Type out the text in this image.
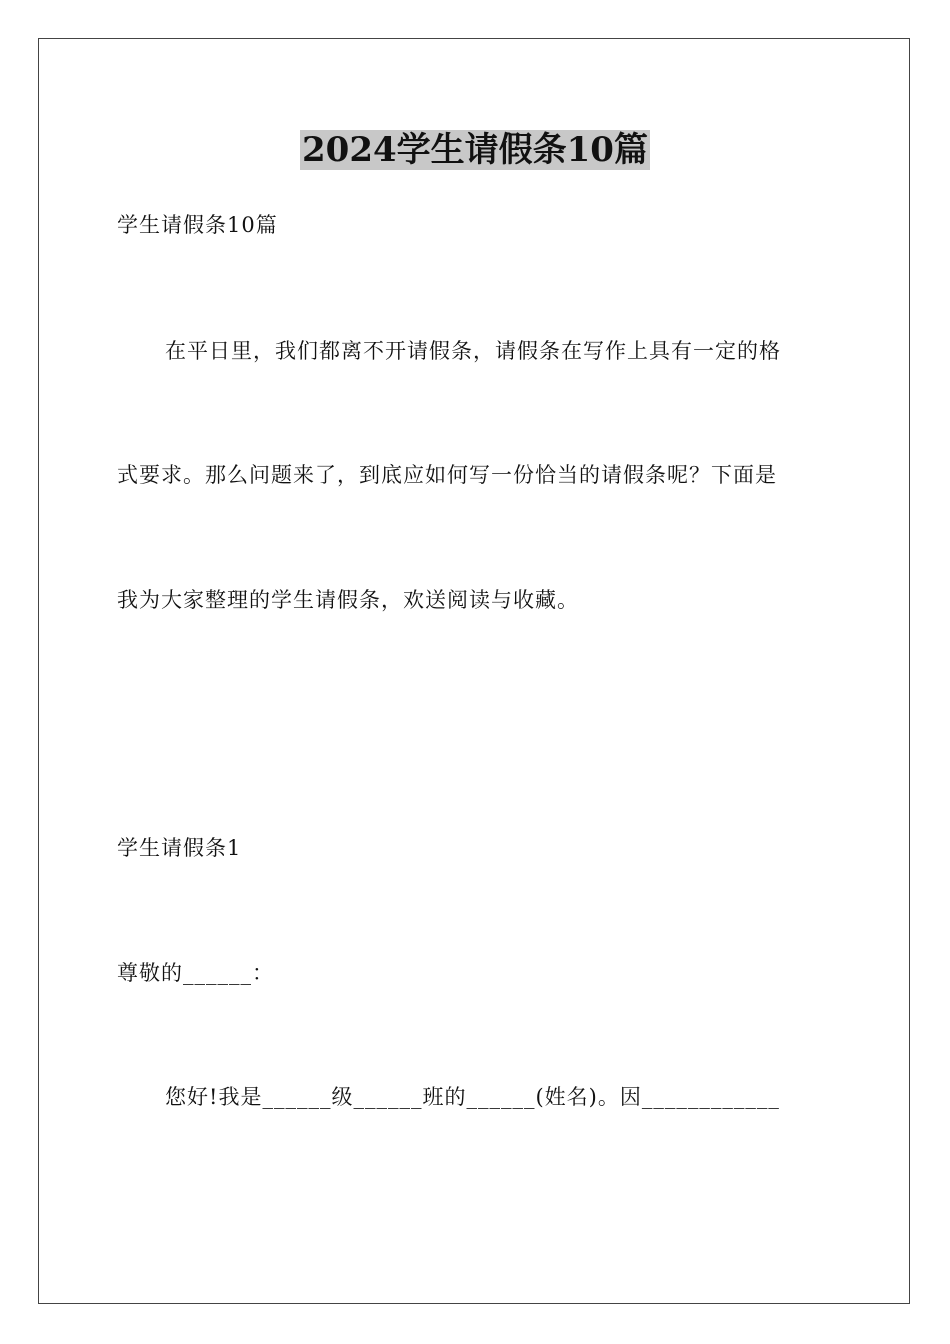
2024学生请假条10篇

学生请假条10篇

在平日里，我们都离不开请假条，请假条在写作上具有一定的格

式要求。那么问题来了，到底应如何写一份恰当的请假条呢？下面是

我为大家整理的学生请假条，欢送阅读与收藏。

学生请假条1

尊敬的______：

您好!我是______级______班的______(姓名)。因____________
